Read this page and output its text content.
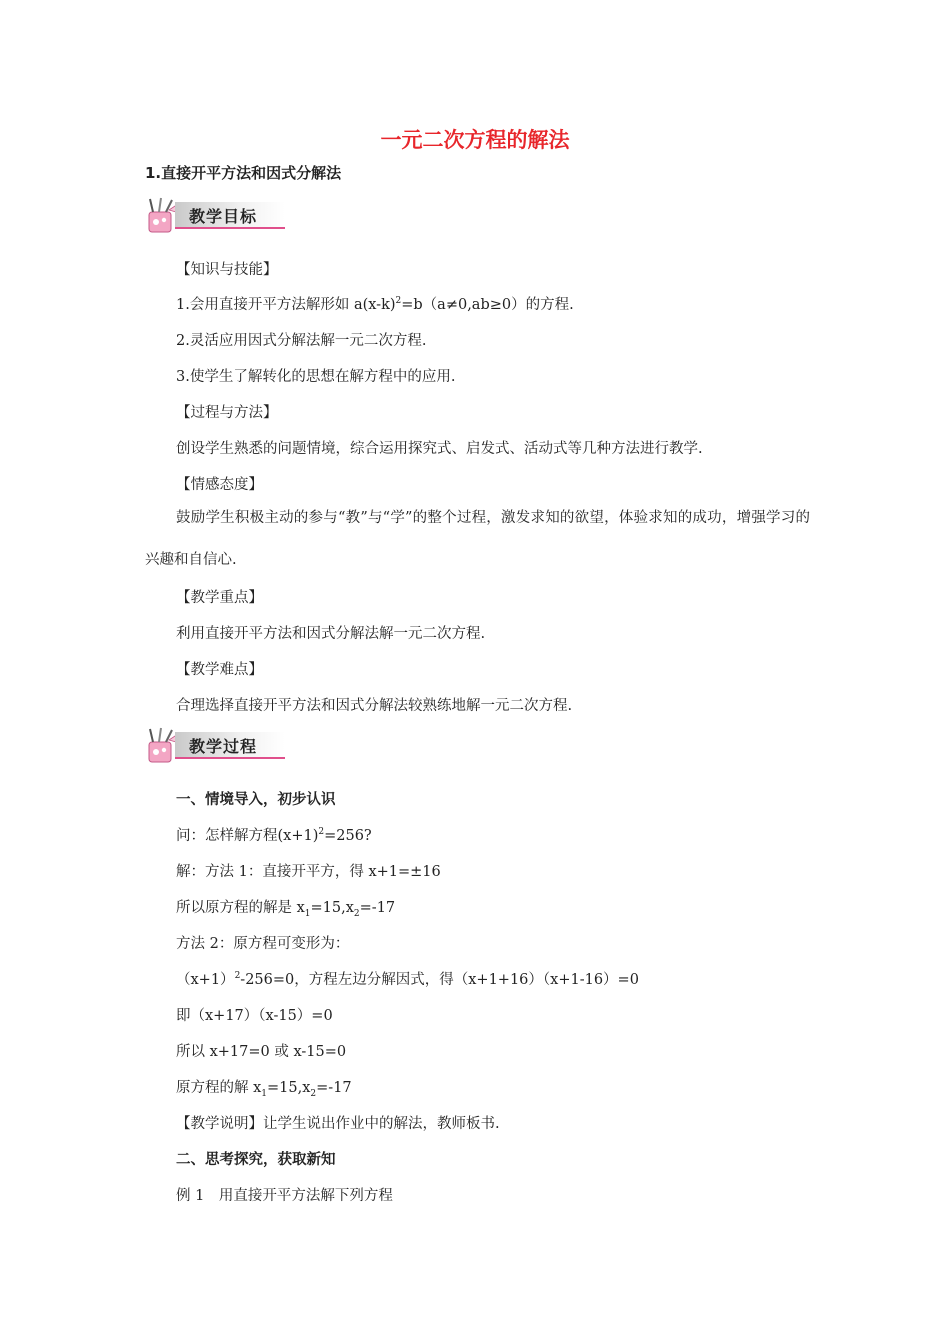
一元二次方程的解法
1.直接开平方法和因式分解法
教学目标
【知识与技能】
1.会用直接开平方法解形如 $a(x-k)^2=b(a\ne 0,ab\ge 0)$的方程.
2.灵活应用因式分解法解一元二次方程.
3.使学生了解转化的思想在解方程中的应用.
【过程与方法】
创设学生熟悉的问题情境，综合运用探究式、启发式、活动式等几种方法进行教学.
【情感态度】
鼓励学生积极主动的参与“教”与“学”的整个过程，激发求知的欲望，体验求知的成功，增强学习的兴趣和自信心.
【教学重点】
利用直接开平方法和因式分解法解一元二次方程.
【教学难点】
合理选择直接开平方法和因式分解法较熟练地解一元二次方程.
教学过程
一、情境导入，初步认识
问：怎样解方程$(x+1)^2=256$?
解：方法 1：直接开平方，得 x+1=±16
所以原方程的解是 $x_1=15,x_2=-17$
方法 2：原方程可变形为：
$(x+1)^2-256=0$，方程左边分解因式，得（x+1+16）（x+1-16）=0
即（x+17）（x-15）=0
所以 x+17=0 或 x-15=0
原方程的解 $x_1=15,x_2=-17$
【教学说明】让学生说出作业中的解法，教师板书.
二、思考探究，获取新知
例 1　用直接开平方法解下列方程
